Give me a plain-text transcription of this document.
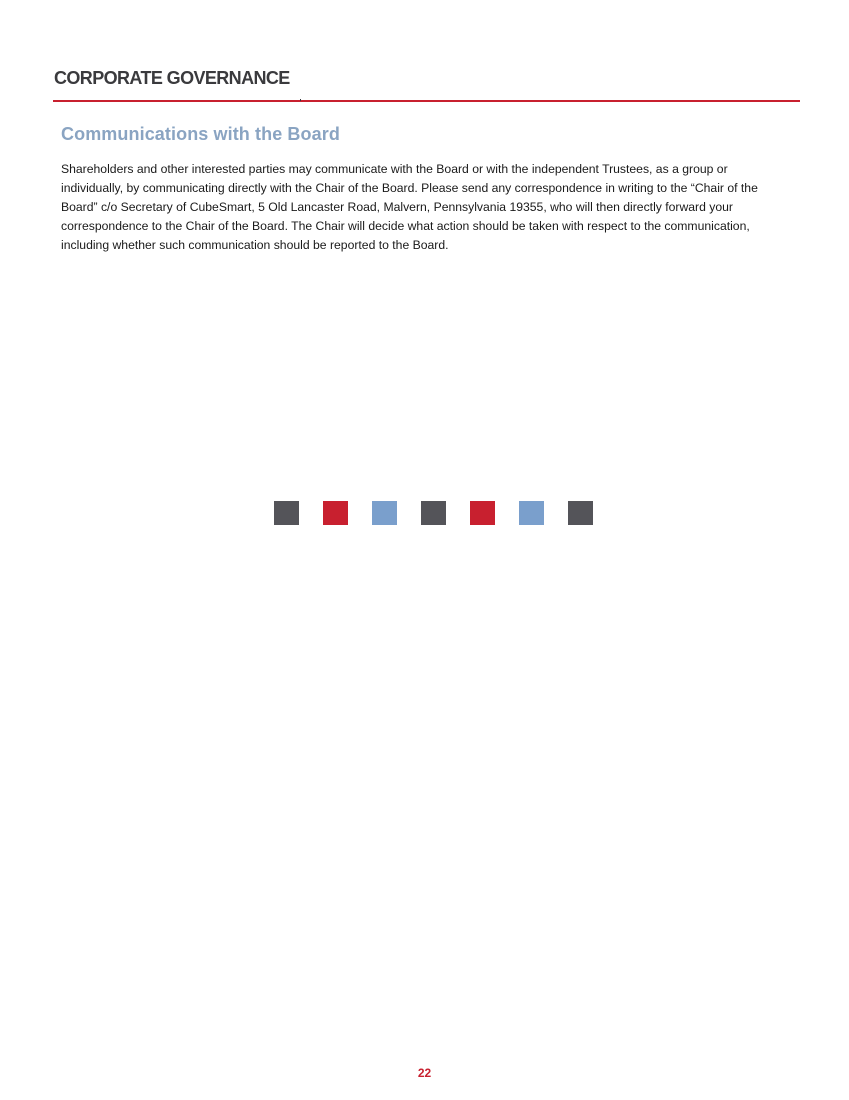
CORPORATE GOVERNANCE
Communications with the Board

Shareholders and other interested parties may communicate with the Board or with the independent Trustees, as a group or individually, by communicating directly with the Chair of the Board. Please send any correspondence in writing to the “Chair of the Board” c/o Secretary of CubeSmart, 5 Old Lancaster Road, Malvern, Pennsylvania 19355, who will then directly forward your correspondence to the Chair of the Board. The Chair will decide what action should be taken with respect to the communication, including whether such communication should be reported to the Board.

22
